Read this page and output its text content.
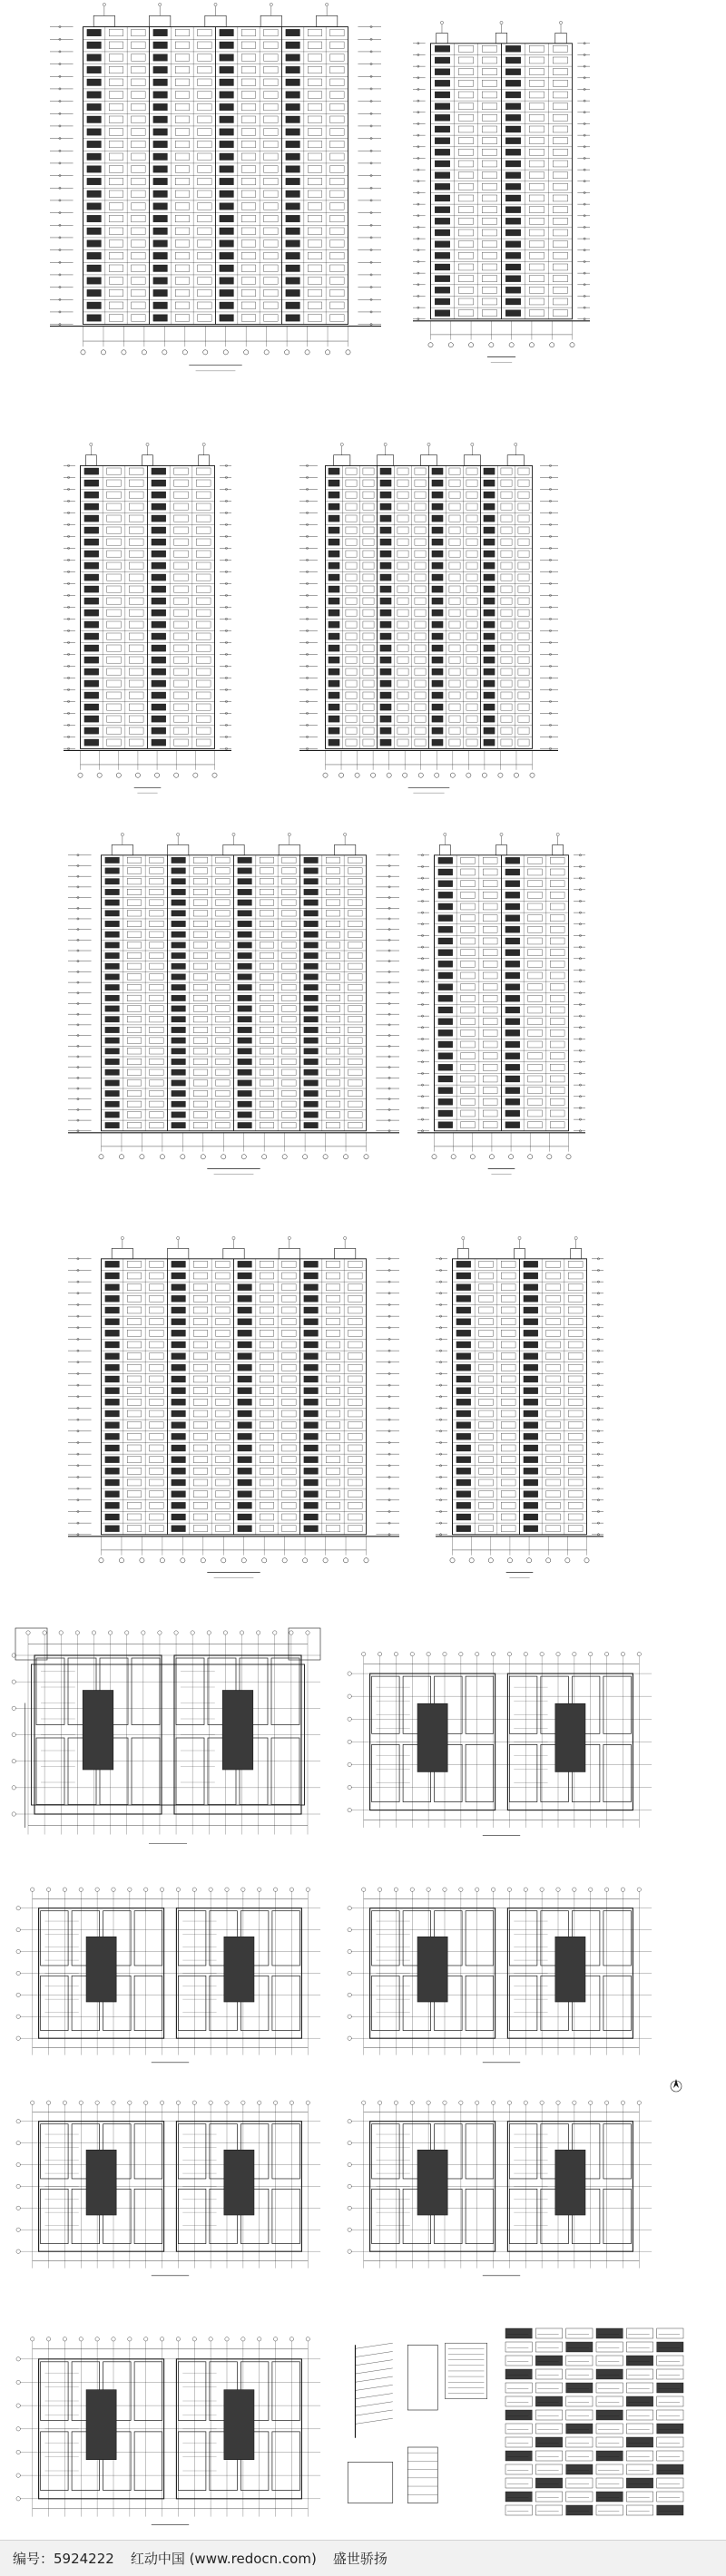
编号：5924222 红动中国 (www.redocn.com) 盛世骄扬
